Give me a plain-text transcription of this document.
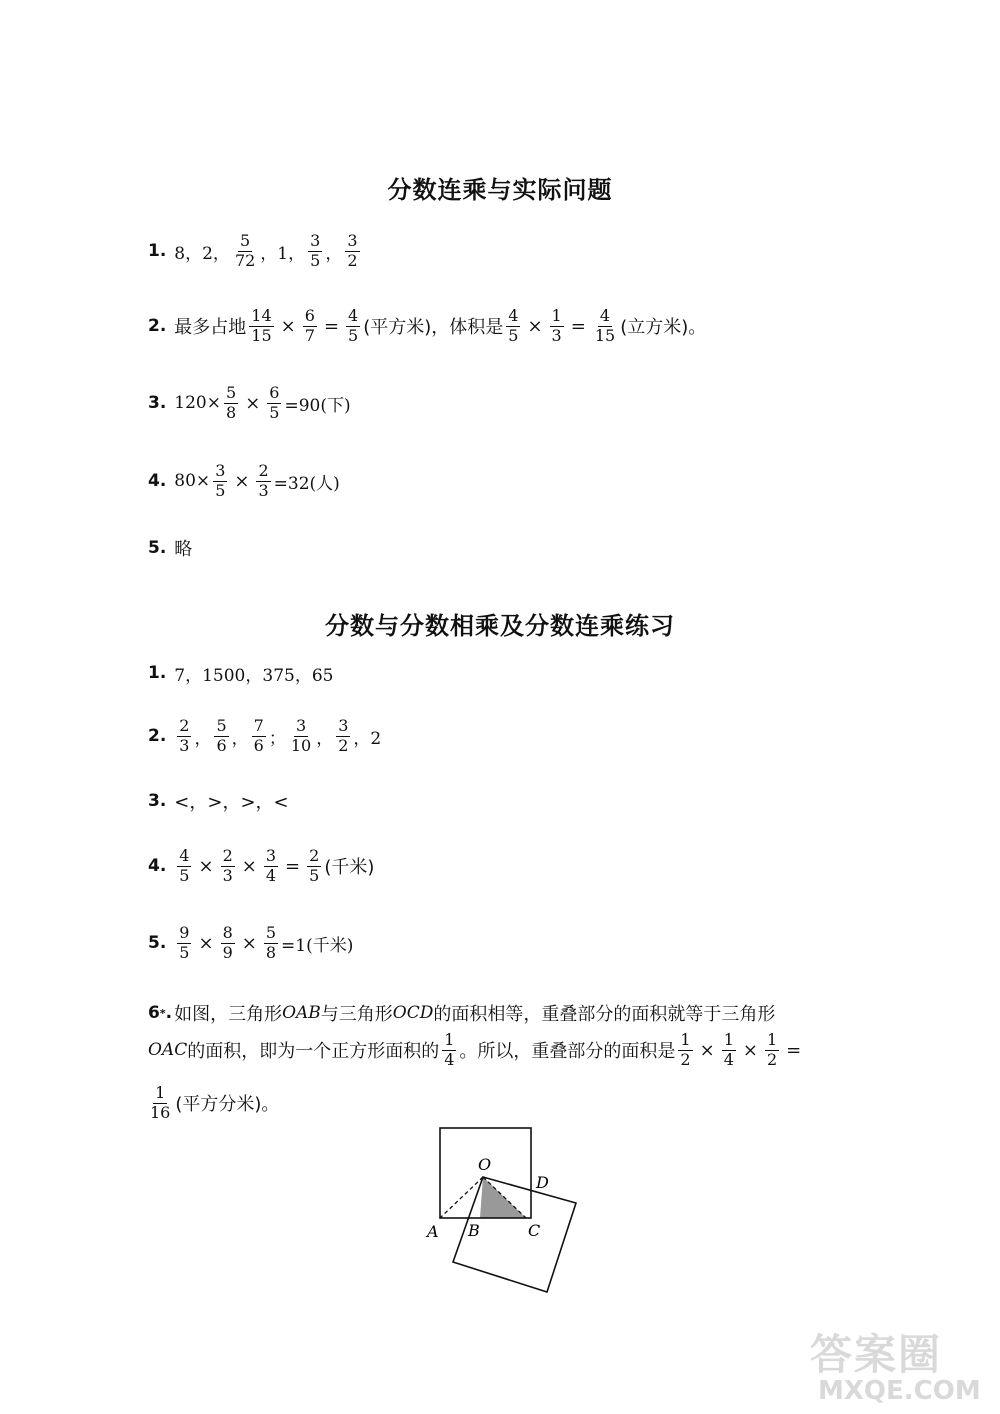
分数连乘与实际问题
1. 8，2， $\frac{5}{72}$ ，1， $\frac{3}{5}$ ， $\frac{3}{2}$
2. 最多占地 $\frac{14}{15} \times \frac{6}{7} = \frac{4}{5}$ (平方米)，体积是 $\frac{4}{5} \times \frac{1}{3} = \frac{4}{15}$ (立方米)。
3. $120\times \frac{5}{8} \times \frac{6}{5} =90$(下)
4. $80\times \frac{3}{5} \times \frac{2}{3} =32$(人)
5. 略
分数与分数相乘及分数连乘练习
1. 7，1500，375，65
2. $\frac{2}{3}$ ， $\frac{5}{6}$ ， $\frac{7}{6}$ ； $\frac{3}{10}$ ， $\frac{3}{2}$ ，2
3. <，>，>，<
4. $\frac{4}{5} \times \frac{2}{3} \times \frac{3}{4} = \frac{2}{5}$ (千米)
5. $\frac{9}{5} \times \frac{8}{9} \times \frac{5}{8} =1$(千米)
6 * . 如图，三角形 OAB 与三角形 OCD 的面积相等，重叠部分的面积就等于三角形
OAC 的面积，即为一个正方形面积的 $\frac{1}{4}$ 。所以，重叠部分的面积是 $\frac{1}{2} \times \frac{1}{4} \times \frac{1}{2}$ =
$\frac{1}{16}$ (平方分米)。
O
D
A B	C
答案圈
MXQE.COM
